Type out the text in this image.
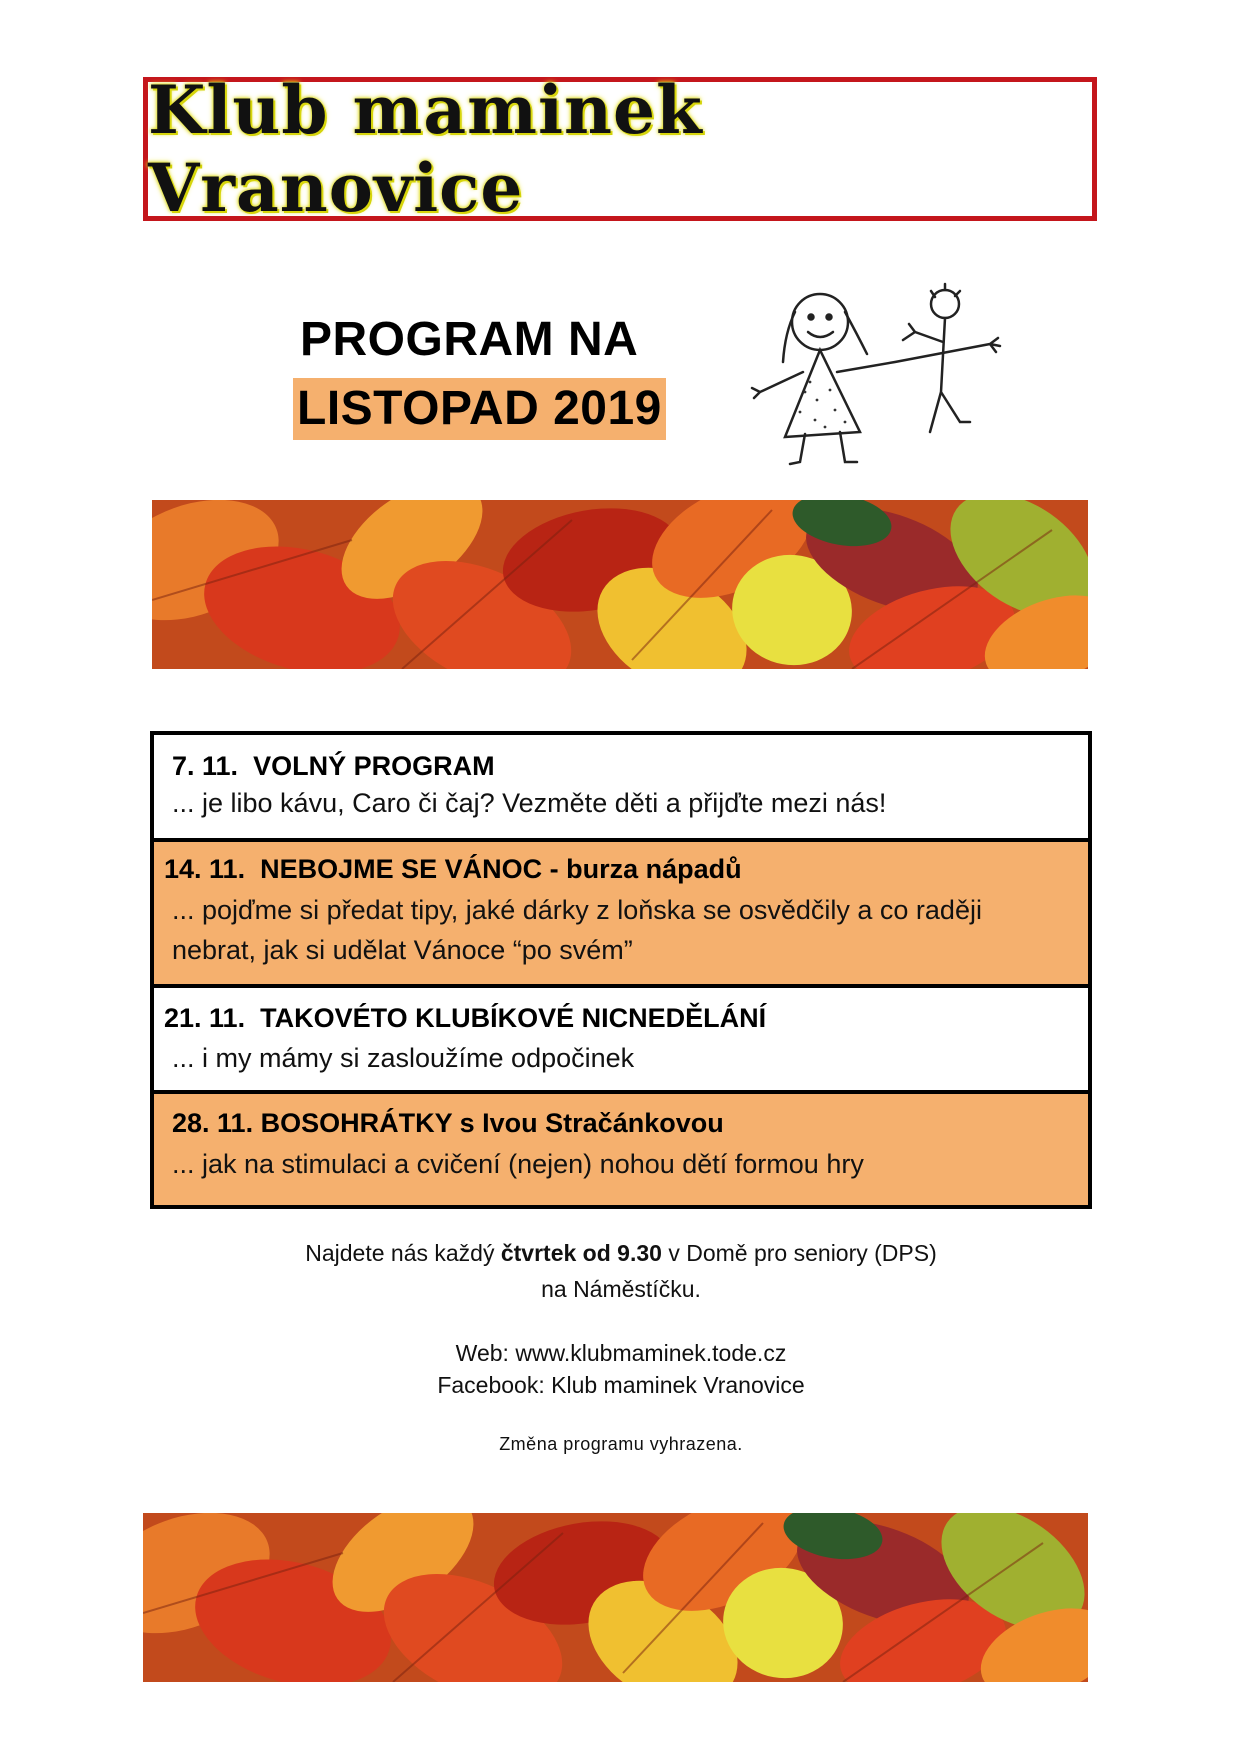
Klub maminek Vranovice
PROGRAM NA
LISTOPAD 2019
7. 11. VOLNÝ PROGRAM
... je libo kávu, Caro či čaj? Vezměte děti a přijďte mezi nás!
14. 11. NEBOJME SE VÁNOC - burza nápadů
... pojďme si předat tipy, jaké dárky z loňska se osvědčily a co raději nebrat, jak si udělat Vánoce “po svém”
21. 11. TAKOVÉTO KLUBÍKOVÉ NICNEDĚLÁNÍ
... i my mámy si zasloužíme odpočinek
28. 11. BOSOHRÁTKY s Ivou Stračánkovou
... jak na stimulaci a cvičení (nejen) nohou dětí formou hry
Najdete nás každý čtvrtek od 9.30 v Domě pro seniory (DPS)
na Náměstíčku.
Web: www.klubmaminek.tode.cz
Facebook: Klub maminek Vranovice
Změna programu vyhrazena.
